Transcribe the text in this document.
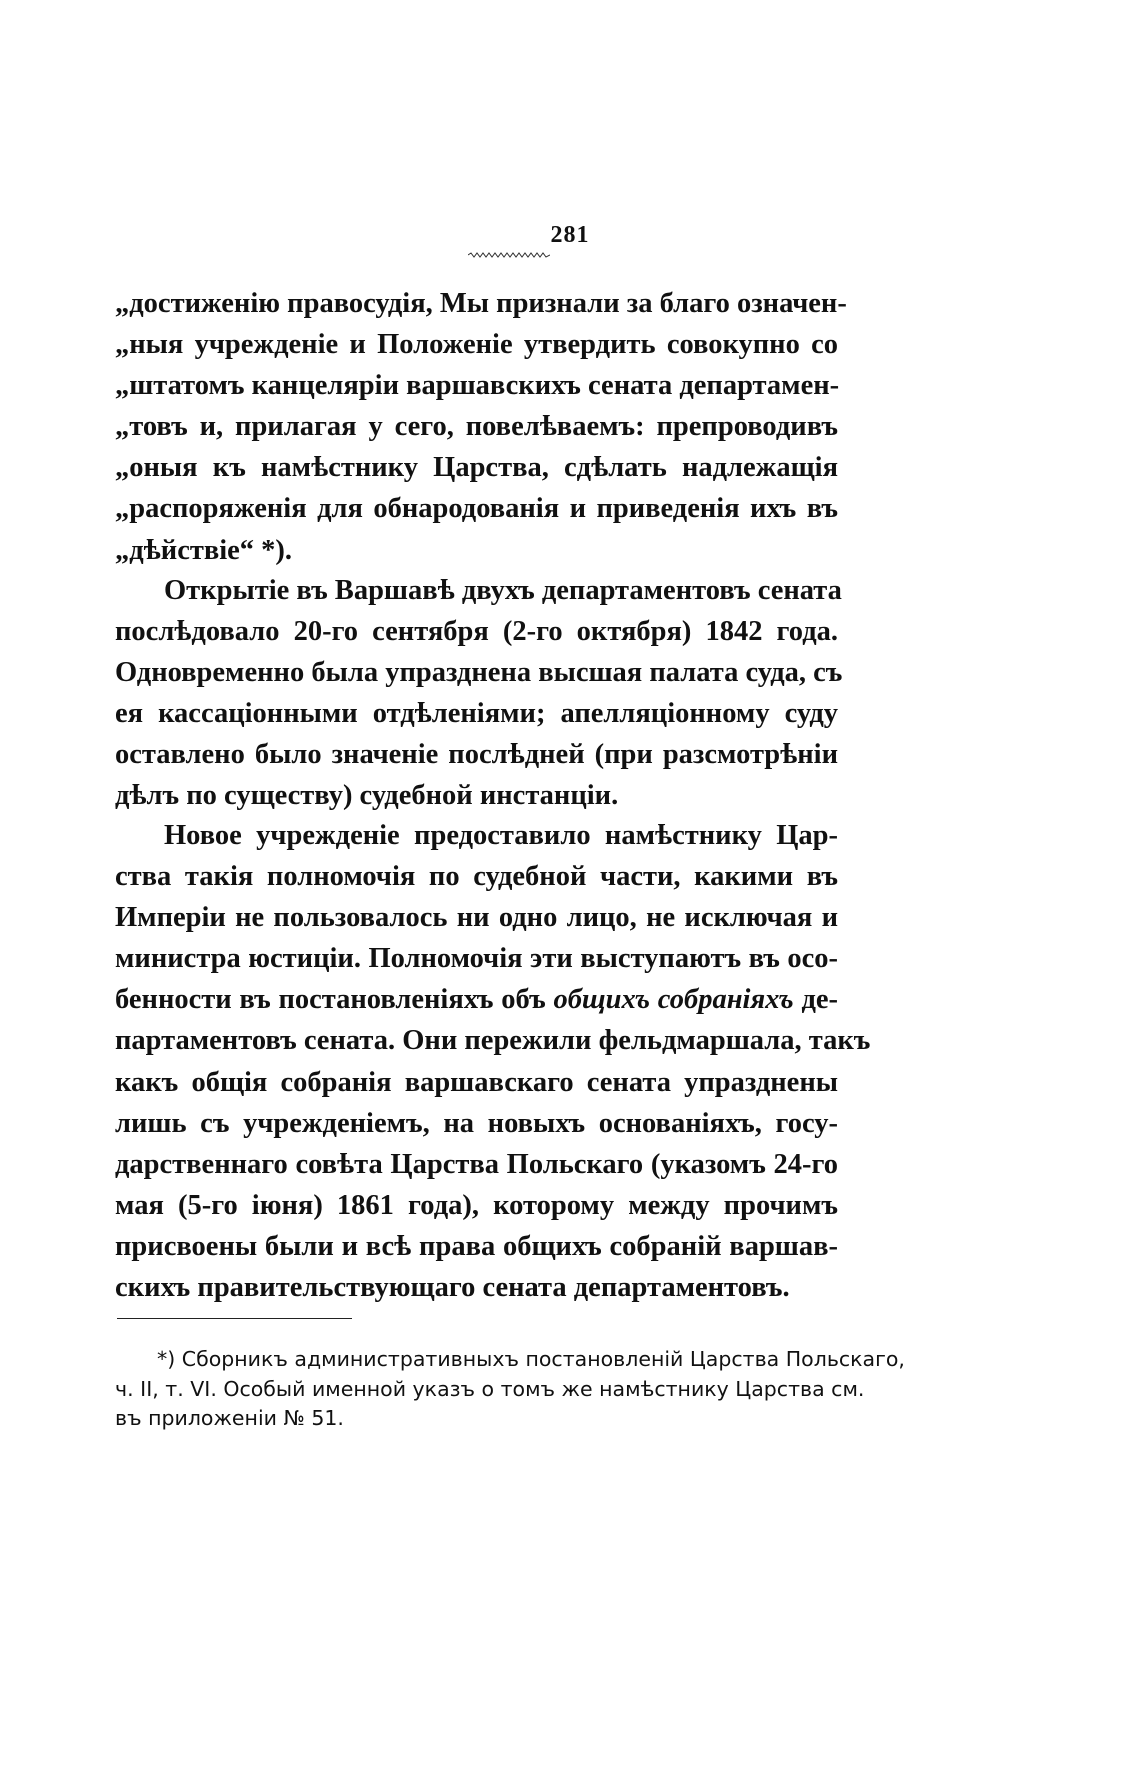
281
„достиженію правосудія, Мы признали за благо означен-
„ныя учрежденіе и Положеніе утвердить совокупно со
„штатомъ канцеляріи варшавскихъ сената департамен-
„товъ и, прилагая у сего, повелѣваемъ: препроводивъ
„оныя къ намѣстнику Царства, сдѣлать надлежащія
„распоряженія для обнародованія и приведенія ихъ въ
„дѣйствіе“ *).
Открытіе въ Варшавѣ двухъ департаментовъ сената
послѣдовало 20-го сентября (2-го октября) 1842 года.
Одновременно была упразднена высшая палата суда, съ
ея кассаціонными отдѣленіями; апелляціонному суду
оставлено было значеніе послѣдней (при разсмотрѣніи
дѣлъ по существу) судебной инстанціи.
Новое учрежденіе предоставило намѣстнику Цар-
ства такія полномочія по судебной части, какими въ
Имперіи не пользовалось ни одно лицо, не исключая и
министра юстиціи. Полномочія эти выступаютъ въ осо-
бенности въ постановленіяхъ объ общихъ собраніяхъ де-
партаментовъ сената. Они пережили фельдмаршала, такъ
какъ общія собранія варшавскаго сената упразднены
лишь съ учрежденіемъ, на новыхъ основаніяхъ, госу-
дарственнаго совѣта Царства Польскаго (указомъ 24-го
мая (5-го іюня) 1861 года), которому между прочимъ
присвоены были и всѣ права общихъ собраній варшав-
скихъ правительствующаго сената департаментовъ.
*) Сборникъ административныхъ постановленій Царства Польскаго,
ч. II, т. VI. Особый именной указъ о томъ же намѣстнику Царства см.
въ приложеніи № 51.
